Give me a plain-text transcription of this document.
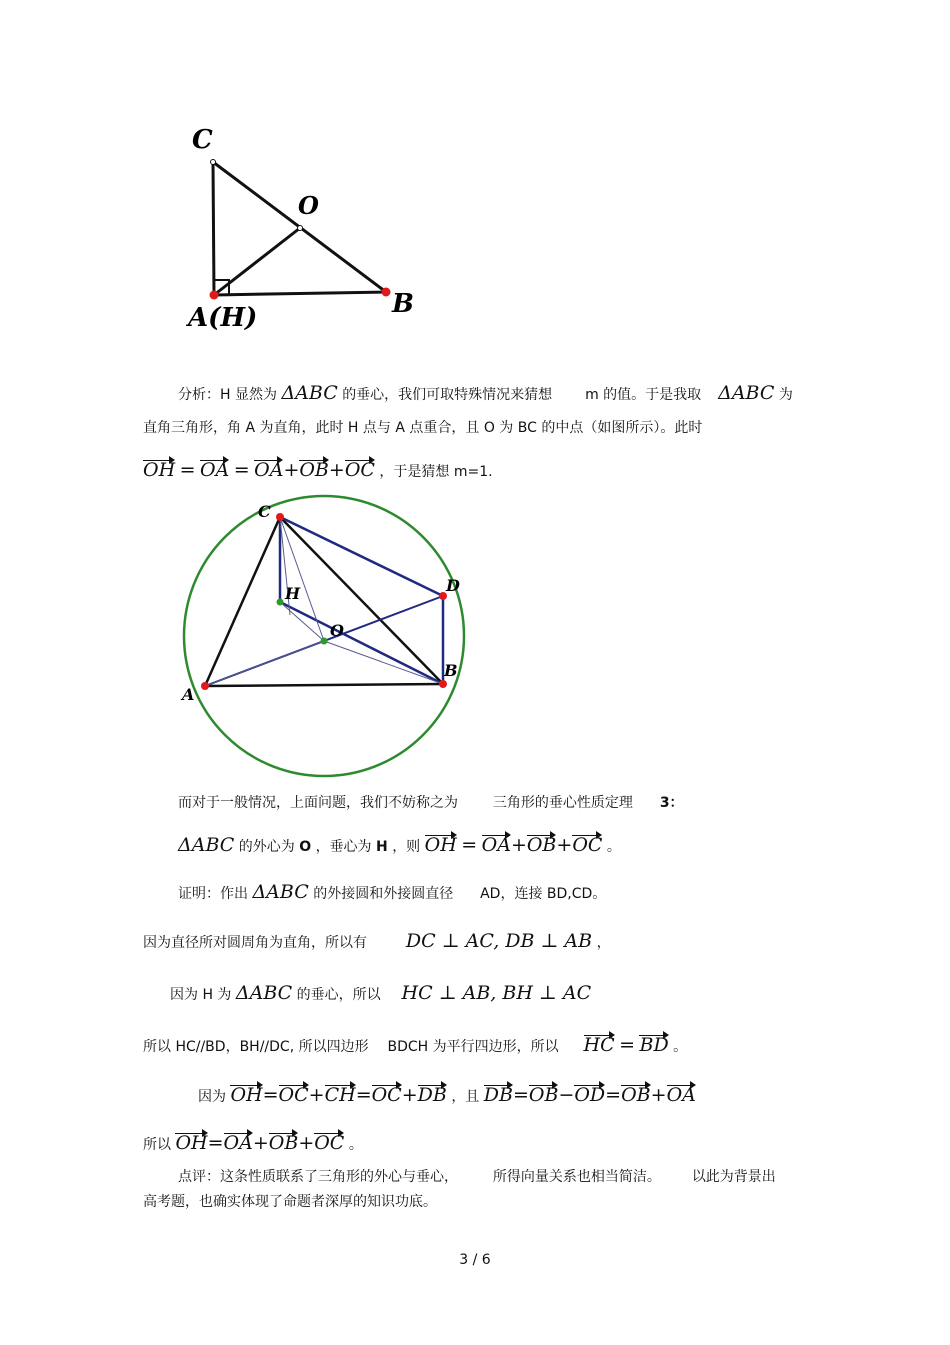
C
O
A(H)	B
分析：H 显然为 ΔABC 的垂心，我们可取特殊情况来猜想 m 的值。于是我取 ΔABC 为
直角三角形，角 A 为直角，此时 H 点与 A 点重合，且 O 为 BC 的中点（如图所示）。此时
OH = OA = OA+OB+OC ，于是猜想 m=1.
C
D
H
O
A
B
而对于一般情况，上面问题，我们不妨称之为 三角形的垂心性质定理 3：
ΔABC 的外心为 O ，垂心为 H ，则 OH = OA+OB+OC 。
证明：作出 ΔABC 的外接圆和外接圆直径 AD，连接 BD,CD。
因为直径所对圆周角为直角，所以有 DC ⊥ AC, DB ⊥ AB ，
因为 H 为 ΔABC 的垂心，所以 HC ⊥ AB, BH ⊥ AC
所以 HC//BD，BH//DC, 所以四边形 BDCH 为平行四边形，所以 HC = BD 。
因为 OH=OC+CH=OC+DB ，且 DB=OB−OD=OB+OA
所以 OH=OA+OB+OC 。
点评：这条性质联系了三角形的外心与垂心， 所得向量关系也相当简洁。 以此为背景出
高考题，也确实体现了命题者深厚的知识功底。
3 / 6
